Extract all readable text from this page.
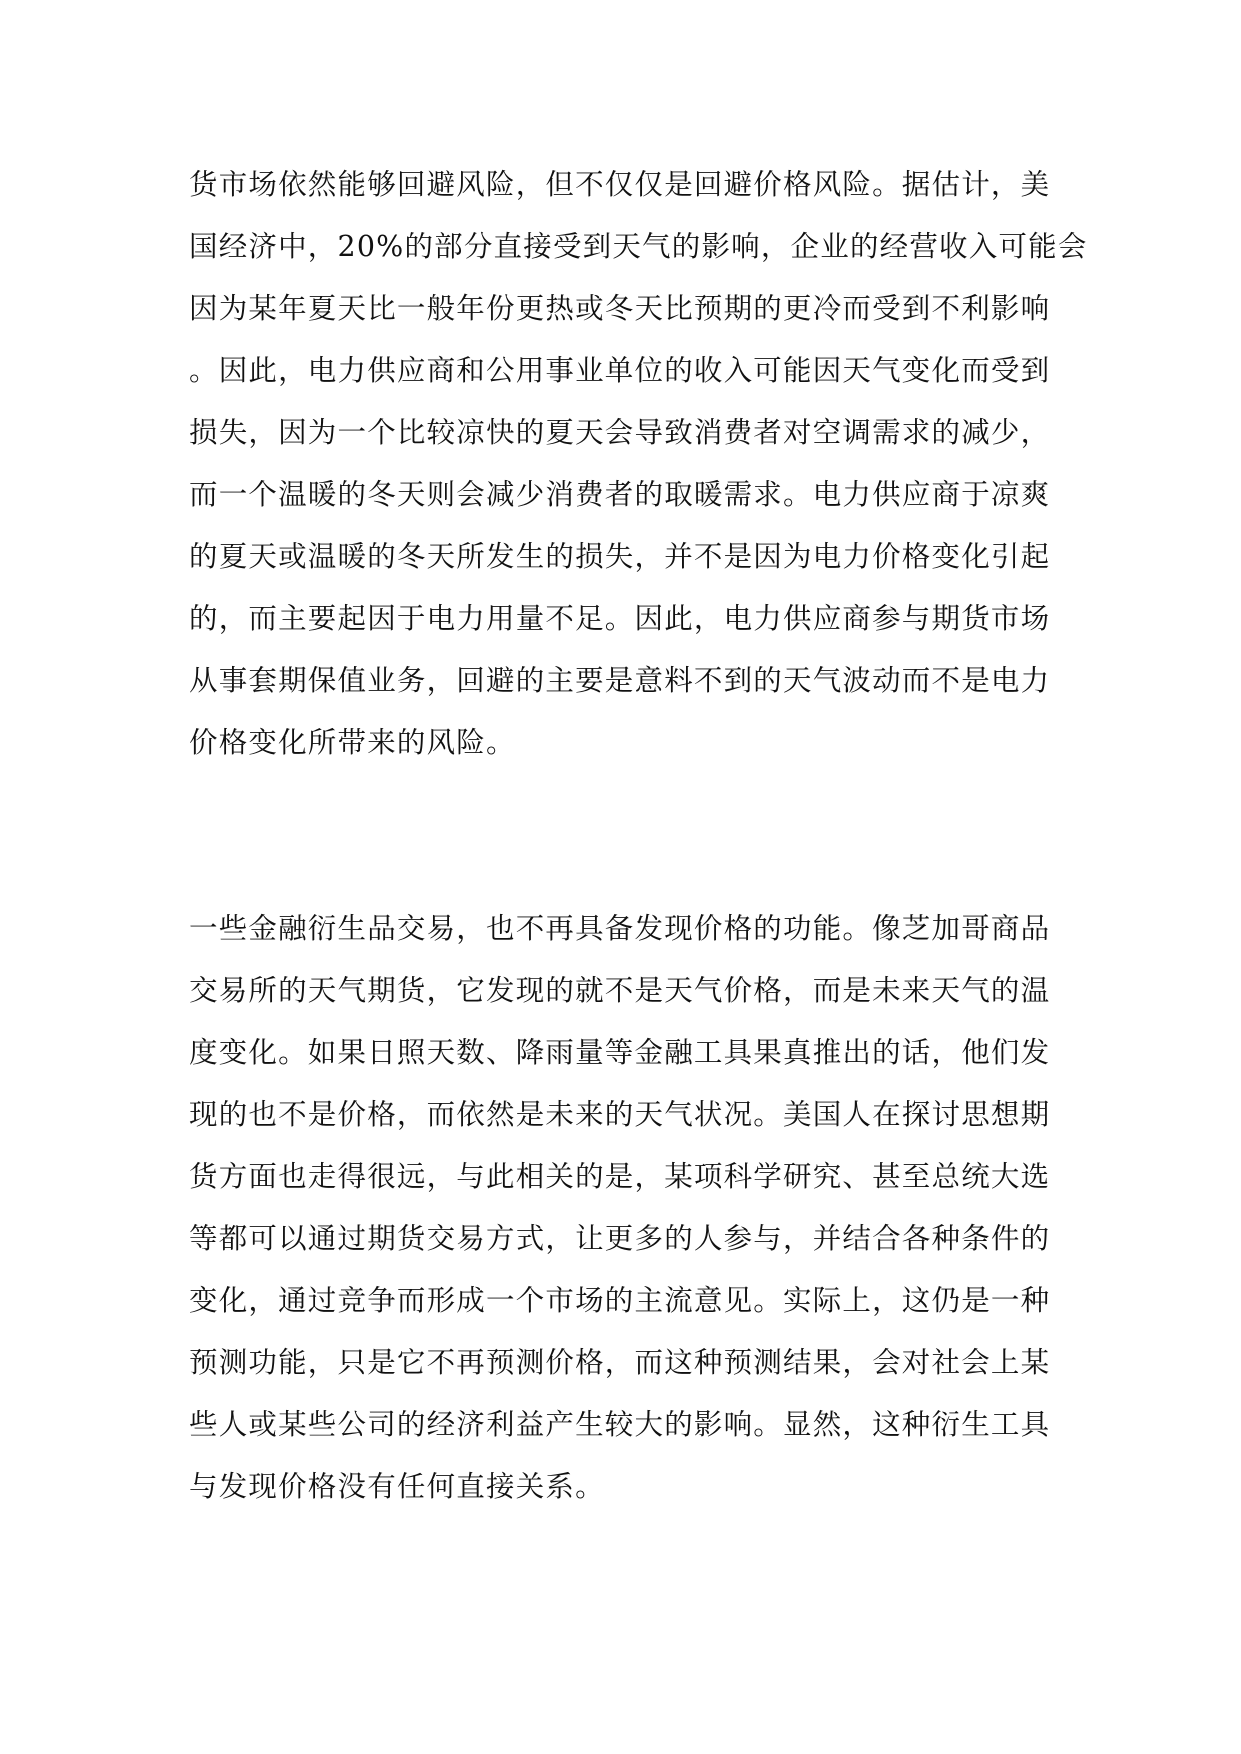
货市场依然能够回避风险，但不仅仅是回避价格风险。据估计，美
国经济中，20%的部分直接受到天气的影响，企业的经营收入可能会
因为某年夏天比一般年份更热或冬天比预期的更冷而受到不利影响
。因此，电力供应商和公用事业单位的收入可能因天气变化而受到
损失，因为一个比较凉快的夏天会导致消费者对空调需求的减少，
而一个温暖的冬天则会减少消费者的取暖需求。电力供应商于凉爽
的夏天或温暖的冬天所发生的损失，并不是因为电力价格变化引起
的，而主要起因于电力用量不足。因此，电力供应商参与期货市场
从事套期保值业务，回避的主要是意料不到的天气波动而不是电力
价格变化所带来的风险。
一些金融衍生品交易，也不再具备发现价格的功能。像芝加哥商品
交易所的天气期货，它发现的就不是天气价格，而是未来天气的温
度变化。如果日照天数、降雨量等金融工具果真推出的话，他们发
现的也不是价格，而依然是未来的天气状况。美国人在探讨思想期
货方面也走得很远，与此相关的是，某项科学研究、甚至总统大选
等都可以通过期货交易方式，让更多的人参与，并结合各种条件的
变化，通过竞争而形成一个市场的主流意见。实际上，这仍是一种
预测功能，只是它不再预测价格，而这种预测结果，会对社会上某
些人或某些公司的经济利益产生较大的影响。显然，这种衍生工具
与发现价格没有任何直接关系。
